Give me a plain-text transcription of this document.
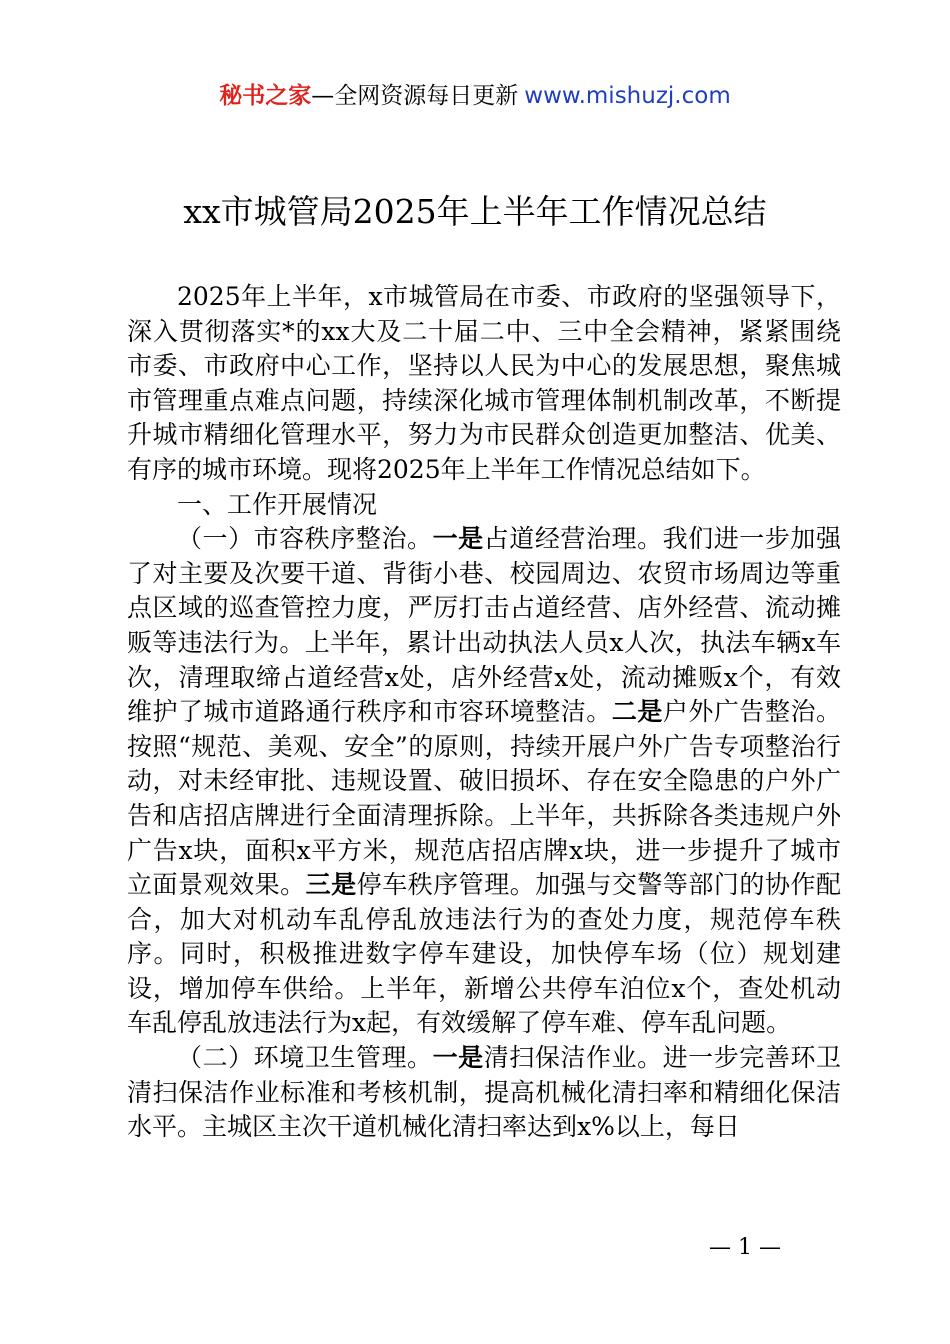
秘书之家—全网资源每日更新 www.mishuzj.com
xx市城管局2025年上半年工作情况总结

2025年上半年，x市城管局在市委、市政府的坚强领导下，深入贯彻落实*的xx大及二十届二中、三中全会精神，紧紧围绕市委、市政府中心工作，坚持以人民为中心的发展思想，聚焦城市管理重点难点问题，持续深化城市管理体制机制改革，不断提升城市精细化管理水平，努力为市民群众创造更加整洁、优美、有序的城市环境。现将2025年上半年工作情况总结如下。

一、工作开展情况

（一）市容秩序整治。一是占道经营治理。我们进一步加强了对主要及次要干道、背街小巷、校园周边、农贸市场周边等重点区域的巡查管控力度，严厉打击占道经营、店外经营、流动摊贩等违法行为。上半年，累计出动执法人员x人次，执法车辆x车次，清理取缔占道经营x处，店外经营x处，流动摊贩x个，有效维护了城市道路通行秩序和市容环境整洁。二是户外广告整治。按照“规范、美观、安全”的原则，持续开展户外广告专项整治行动，对未经审批、违规设置、破旧损坏、存在安全隐患的户外广告和店招店牌进行全面清理拆除。上半年，共拆除各类违规户外广告x块，面积x平方米，规范店招店牌x块，进一步提升了城市立面景观效果。三是停车秩序管理。加强与交警等部门的协作配合，加大对机动车乱停乱放违法行为的查处力度，规范停车秩序。同时，积极推进数字停车建设，加快停车场（位）规划建设，增加停车供给。上半年，新增公共停车泊位x个，查处机动车乱停乱放违法行为x起，有效缓解了停车难、停车乱问题。

（二）环境卫生管理。一是清扫保洁作业。进一步完善环卫清扫保洁作业标准和考核机制，提高机械化清扫率和精细化保洁水平。主城区主次干道机械化清扫率达到x%以上，每日

— 1 —
